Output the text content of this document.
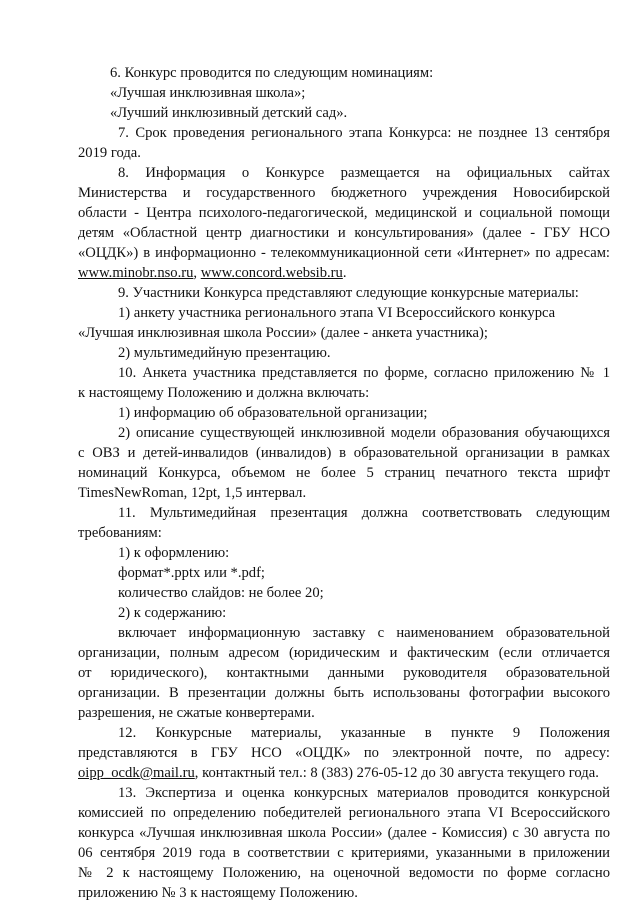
6. Конкурс проводится по следующим номинациям:
«Лучшая инклюзивная школа»;
«Лучший инклюзивный детский сад».
7. Срок проведения регионального этапа Конкурса: не позднее 13 сентября
2019 года.
8. Информация о Конкурсе размещается на официальных сайтах
Министерства и государственного бюджетного учреждения Новосибирской
области - Центра психолого-педагогической, медицинской и социальной помощи
детям «Областной центр диагностики и консультирования» (далее - ГБУ НСО
«ОЦДК») в информационно - телекоммуникационной сети «Интернет» по адресам:
www.minobr.nso.ru, www.concord.websib.ru.
9. Участники Конкурса представляют следующие конкурсные материалы:
1) анкету участника регионального этапа VI Всероссийского конкурса
«Лучшая инклюзивная школа России» (далее - анкета участника);
2) мультимедийную презентацию.
10. Анкета участника представляется по форме, согласно приложению № 1
к настоящему Положению и должна включать:
1) информацию об образовательной организации;
2) описание существующей инклюзивной модели образования обучающихся
с ОВЗ и детей-инвалидов (инвалидов) в образовательной организации в рамках
номинаций Конкурса, объемом не более 5 страниц печатного текста шрифт
TimesNewRoman, 12pt, 1,5 интервал.
11. Мультимедийная презентация должна соответствовать следующим
требованиям:
1) к оформлению:
формат*.pptx или *.pdf;
количество слайдов: не более 20;
2) к содержанию:
включает информационную заставку с наименованием образовательной
организации, полным адресом (юридическим и фактическим (если отличается
от юридического), контактными данными руководителя образовательной
организации. В презентации должны быть использованы фотографии высокого
разрешения, не сжатые конвертерами.
12. Конкурсные материалы, указанные в пункте 9 Положения
представляются в ГБУ НСО «ОЦДК» по электронной почте, по адресу:
oipp_ocdk@mail.ru, контактный тел.: 8 (383) 276-05-12 до 30 августа текущего года.
13. Экспертиза и оценка конкурсных материалов проводится конкурсной
комиссией по определению победителей регионального этапа VI Всероссийского
конкурса «Лучшая инклюзивная школа России» (далее - Комиссия) с 30 августа по
06 сентября 2019 года в соответствии с критериями, указанными в приложении
№ 2 к настоящему Положению, на оценочной ведомости по форме согласно
приложению № 3 к настоящему Положению.
